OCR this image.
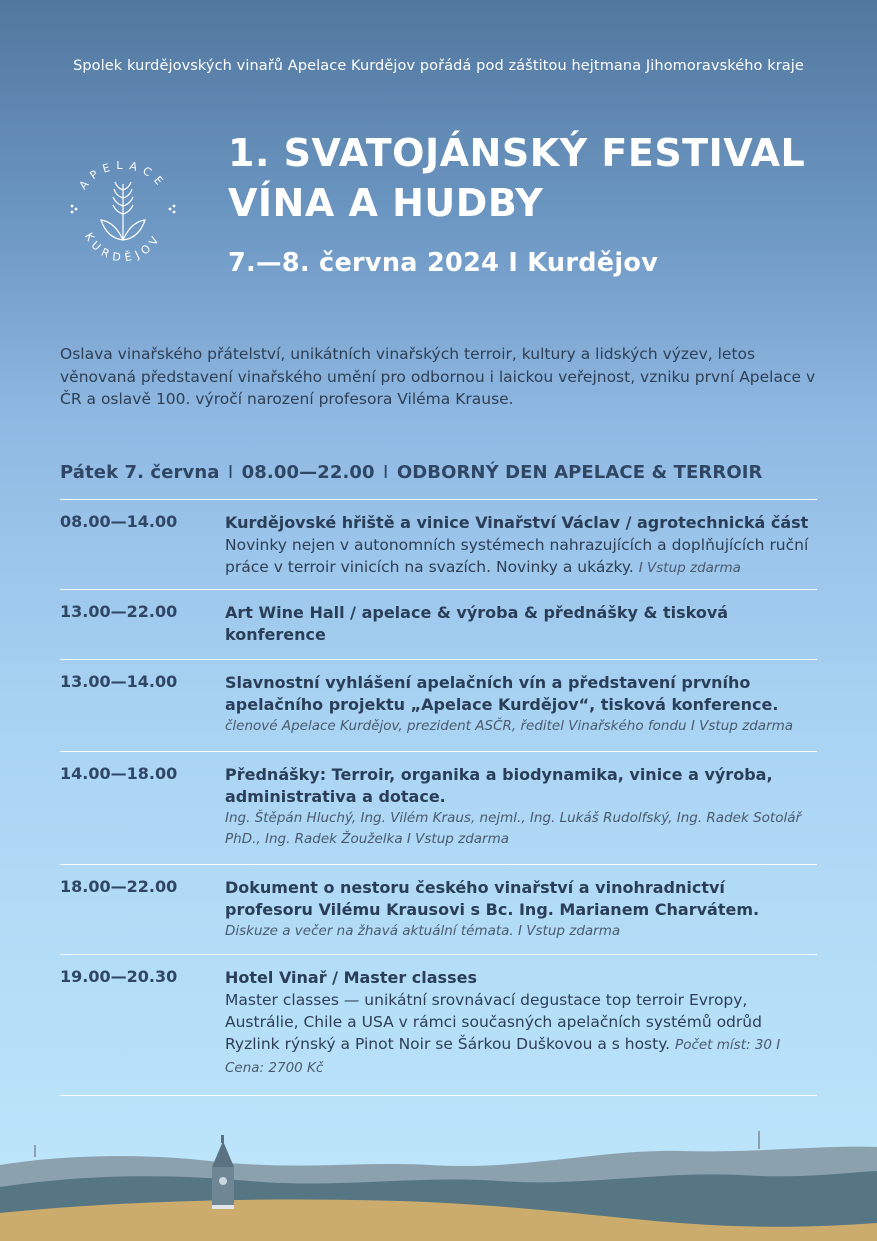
Spolek kurdějovských vinařů Apelace Kurdějov pořádá pod záštitou hejtmana Jihomoravského kraje
APELACE
KURDĚJOV
1. SVATOJÁNSKÝ FESTIVAL
VÍNA A HUDBY
7.—8. června 2024 I Kurdějov

Oslava vinařského přátelství, unikátních vinařských terroir, kultury a lidských výzev, letos věnovaná představení vinařského umění pro odbornou i laickou veřejnost, vzniku první Apelace v ČR a oslavě 100. výročí narození profesora Viléma Krause.

Pátek 7. června I 08.00—22.00 I ODBORNÝ DEN APELACE & TERROIR
08.00—14.00	Kurdějovské hřiště a vinice Vinařství Václav / agrotechnická část
Novinky nejen v autonomních systémech nahrazujících a doplňujících ruční práce v terroir vinicích na svazích. Novinky a ukázky. I Vstup zdarma
13.00—22.00	Art Wine Hall / apelace & výroba & přednášky & tisková konference
13.00—14.00	Slavnostní vyhlášení apelačních vín a představení prvního apelačního projektu „Apelace Kurdějov“, tisková konference.
členové Apelace Kurdějov, prezident ASČR, ředitel Vinařského fondu I Vstup zdarma
14.00—18.00	Přednášky: Terroir, organika a biodynamika, vinice a výroba, administrativa a dotace.
Ing. Štěpán Hluchý, Ing. Vilém Kraus, nejml., Ing. Lukáš Rudolfský, Ing. Radek Sotolář PhD., Ing. Radek Žouželka I Vstup zdarma
18.00—22.00	Dokument o nestoru českého vinařství a vinohradnictví profesoru Vilému Krausovi s Bc. Ing. Marianem Charvátem.
Diskuze a večer na žhavá aktuální témata. I Vstup zdarma
19.00—20.30	Hotel Vinař / Master classes
Master classes — unikátní srovnávací degustace top terroir Evropy, Austrálie, Chile a USA v rámci současných apelačních systémů odrůd Ryzlink rýnský a Pinot Noir se Šárkou Duškovou a s hosty. Počet míst: 30 I Cena: 2700 Kč
